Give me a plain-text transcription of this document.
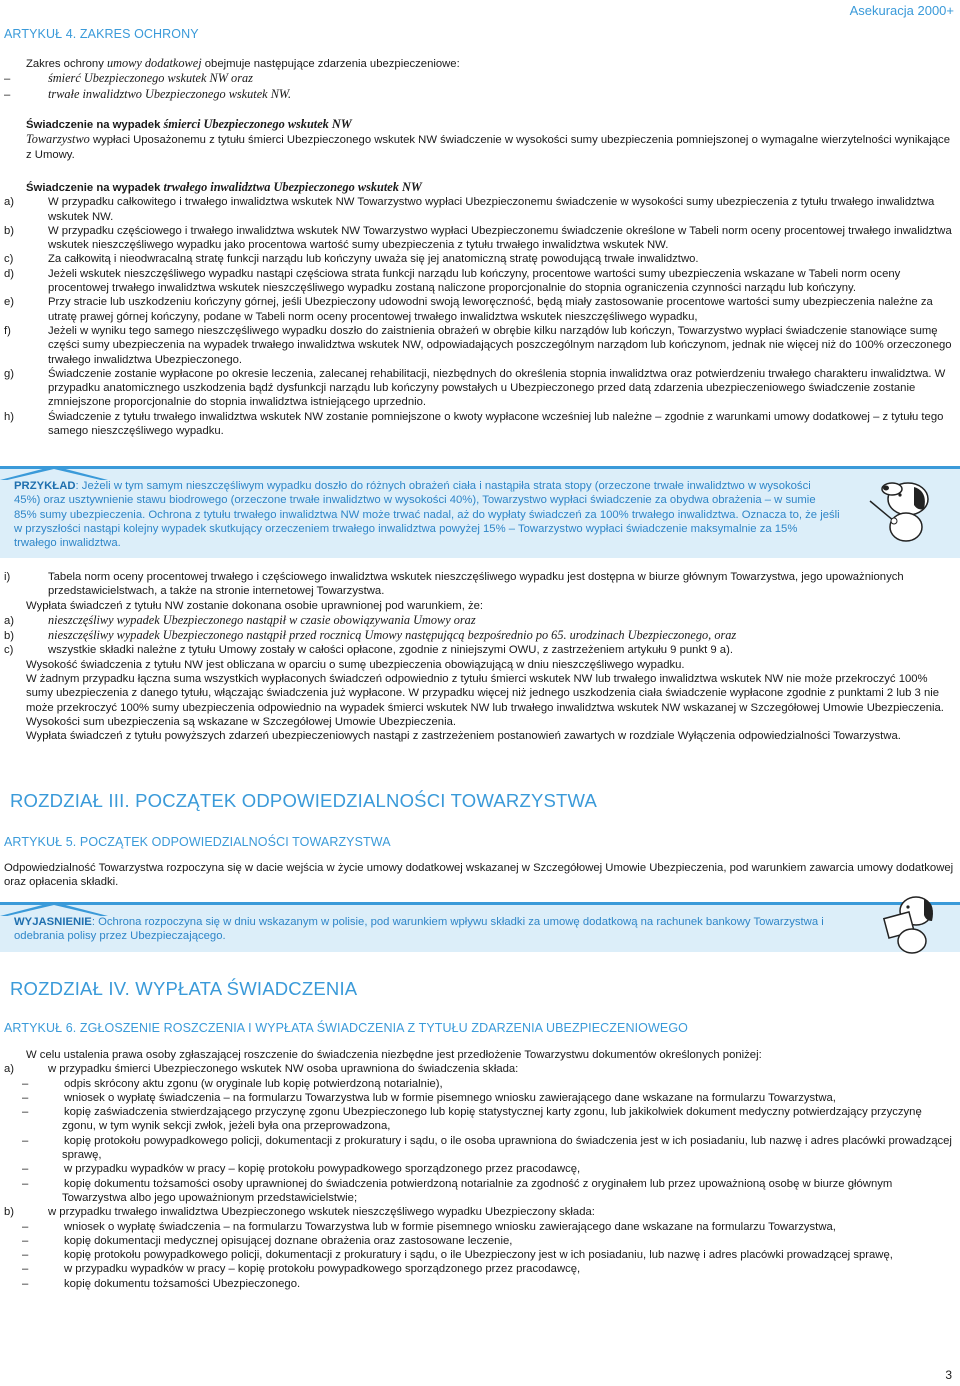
Asekuracja 2000+
ARTYKUŁ 4. ZAKRES OCHRONY
Zakres ochrony umowy dodatkowej obejmuje następujące zdarzenia ubezpieczeniowe:
–	śmierć Ubezpieczonego wskutek NW oraz
–	trwałe inwalidztwo Ubezpieczonego wskutek NW.
Świadczenie na wypadek śmierci Ubezpieczonego wskutek NW
Towarzystwo wypłaci Uposażonemu z tytułu śmierci Ubezpieczonego wskutek NW świadczenie w wysokości sumy ubezpieczenia pomniejszonej o wymagalne wierzytelności wynikające z Umowy.
Świadczenie na wypadek trwałego inwalidztwa Ubezpieczonego wskutek NW
a)	W przypadku całkowitego i trwałego inwalidztwa wskutek NW Towarzystwo wypłaci Ubezpieczonemu świadczenie w wysokości sumy ubezpieczenia z tytułu trwałego inwalidztwa wskutek NW.
b)	W przypadku częściowego i trwałego inwalidztwa wskutek NW Towarzystwo wypłaci Ubezpieczonemu świadczenie określone w Tabeli norm oceny procentowej trwałego inwalidztwa wskutek nieszczęśliwego wypadku jako procentowa wartość sumy ubezpieczenia z tytułu trwałego inwalidztwa wskutek NW.
c)	Za całkowitą i nieodwracalną stratę funkcji narządu lub kończyny uważa się jej anatomiczną stratę powodującą trwałe inwalidztwo.
d)	Jeżeli wskutek nieszczęśliwego wypadku nastąpi częściowa strata funkcji narządu lub kończyny, procentowe wartości sumy ubezpieczenia wskazane w Tabeli norm oceny procentowej trwałego inwalidztwa wskutek nieszczęśliwego wypadku zostaną naliczone proporcjonalnie do stopnia ograniczenia czynności narządu lub kończyny.
e)	Przy stracie lub uszkodzeniu kończyny górnej, jeśli Ubezpieczony udowodni swoją leworęczność, będą miały zastosowanie procentowe wartości sumy ubezpieczenia należne za utratę prawej górnej kończyny, podane w Tabeli norm oceny procentowej trwałego inwalidztwa wskutek nieszczęśliwego wypadku,
f)	Jeżeli w wyniku tego samego nieszczęśliwego wypadku doszło do zaistnienia obrażeń w obrębie kilku narządów lub kończyn, Towarzystwo wypłaci świadczenie stanowiące sumę części sumy ubezpieczenia na wypadek trwałego inwalidztwa wskutek NW, odpowiadających poszczególnym narządom lub kończynom, jednak nie więcej niż do 100% orzeczonego trwałego inwalidztwa Ubezpieczonego.
g)	Świadczenie zostanie wypłacone po okresie leczenia, zalecanej rehabilitacji, niezbędnych do określenia stopnia inwalidztwa oraz potwierdzeniu trwałego charakteru inwalidztwa. W przypadku anatomicznego uszkodzenia bądź dysfunkcji narządu lub kończyny powstałych u Ubezpieczonego przed datą zdarzenia ubezpieczeniowego świadczenie zostanie zmniejszone proporcjonalnie do stopnia inwalidztwa istniejącego uprzednio.
h)	Świadczenie z tytułu trwałego inwalidztwa wskutek NW zostanie pomniejszone o kwoty wypłacone wcześniej lub należne – zgodnie z warunkami umowy dodatkowej – z tytułu tego samego nieszczęśliwego wypadku.
PRZYKŁAD: Jeżeli w tym samym nieszczęśliwym wypadku doszło do różnych obrażeń ciała i nastąpiła strata stopy (orzeczone trwałe inwalidztwo w wysokości 45%) oraz usztywnienie stawu biodrowego (orzeczone trwałe inwalidztwo w wysokości 40%), Towarzystwo wypłaci świadczenie za obydwa obrażenia – w sumie 85% sumy ubezpieczenia. Ochrona z tytułu trwałego inwalidztwa NW może trwać nadal, aż do wypłaty świadczeń za 100% trwałego inwalidztwa. Oznacza to, że jeśli w przyszłości nastąpi kolejny wypadek skutkujący orzeczeniem trwałego inwalidztwa powyżej 15% – Towarzystwo wypłaci świadczenie maksymalnie za 15% trwałego inwalidztwa.
i)	Tabela norm oceny procentowej trwałego i częściowego inwalidztwa wskutek nieszczęśliwego wypadku jest dostępna w biurze głównym Towarzystwa, jego upoważnionych przedstawicielstwach, a także na stronie internetowej Towarzystwa.
Wypłata świadczeń z tytułu NW zostanie dokonana osobie uprawnionej pod warunkiem, że:
a)	nieszczęśliwy wypadek Ubezpieczonego nastąpił w czasie obowiązywania Umowy oraz
b)	nieszczęśliwy wypadek Ubezpieczonego nastąpił przed rocznicą Umowy następującą bezpośrednio po 65. urodzinach Ubezpieczonego, oraz
c)	wszystkie składki należne z tytułu Umowy zostały w całości opłacone, zgodnie z niniejszymi OWU, z zastrzeżeniem artykułu 9 punkt 9 a).
Wysokość świadczenia z tytułu NW jest obliczana w oparciu o sumę ubezpieczenia obowiązującą w dniu nieszczęśliwego wypadku.
W żadnym przypadku łączna suma wszystkich wypłaconych świadczeń odpowiednio z tytułu śmierci wskutek NW lub trwałego inwalidztwa wskutek NW nie może przekroczyć 100% sumy ubezpieczenia z danego tytułu, włączając świadczenia już wypłacone. W przypadku więcej niż jednego uszkodzenia ciała świadczenie wypłacone zgodnie z punktami 2 lub 3 nie może przekroczyć 100% sumy ubezpieczenia odpowiednio na wypadek śmierci wskutek NW lub trwałego inwalidztwa wskutek NW wskazanej w Szczegółowej Umowie Ubezpieczenia.
Wysokości sum ubezpieczenia są wskazane w Szczegółowej Umowie Ubezpieczenia.
Wypłata świadczeń z tytułu powyższych zdarzeń ubezpieczeniowych nastąpi z zastrzeżeniem postanowień zawartych w rozdziale Wyłączenia odpowiedzialności Towarzystwa.
ROZDZIAŁ III. POCZĄTEK ODPOWIEDZIALNOŚCI TOWARZYSTWA
ARTYKUŁ 5. POCZĄTEK ODPOWIEDZIALNOŚCI TOWARZYSTWA
Odpowiedzialność Towarzystwa rozpoczyna się w dacie wejścia w życie umowy dodatkowej wskazanej w Szczegółowej Umowie Ubezpieczenia, pod warunkiem zawarcia umowy dodatkowej oraz opłacenia składki.
WYJAŚNIENIE: Ochrona rozpoczyna się w dniu wskazanym w polisie, pod warunkiem wpływu składki za umowę dodatkową na rachunek bankowy Towarzystwa i odebrania polisy przez Ubezpieczającego.
ROZDZIAŁ IV. WYPŁATA ŚWIADCZENIA
ARTYKUŁ 6. ZGŁOSZENIE ROSZCZENIA I WYPŁATA ŚWIADCZENIA Z TYTUŁU ZDARZENIA UBEZPIECZENIOWEGO
W celu ustalenia prawa osoby zgłaszającej roszczenie do świadczenia niezbędne jest przedłożenie Towarzystwu dokumentów określonych poniżej:
a)	w przypadku śmierci Ubezpieczonego wskutek NW osoba uprawniona do świadczenia składa:
–	odpis skrócony aktu zgonu (w oryginale lub kopię potwierdzoną notarialnie),
–	wniosek o wypłatę świadczenia – na formularzu Towarzystwa lub w formie pisemnego wniosku zawierającego dane wskazane na formularzu Towarzystwa,
–	kopię zaświadczenia stwierdzającego przyczynę zgonu Ubezpieczonego lub kopię statystycznej karty zgonu, lub jakikolwiek dokument medyczny potwierdzający przyczynę zgonu, w tym wynik sekcji zwłok, jeżeli była ona przeprowadzona,
–	kopię protokołu powypadkowego policji, dokumentacji z prokuratury i sądu, o ile osoba uprawniona do świadczenia jest w ich posiadaniu, lub nazwę i adres placówki prowadzącej sprawę,
–	w przypadku wypadków w pracy – kopię protokołu powypadkowego sporządzonego przez pracodawcę,
–	kopię dokumentu tożsamości osoby uprawnionej do świadczenia potwierdzoną notarialnie za zgodność z oryginałem lub przez upoważnioną osobę w biurze głównym Towarzystwa albo jego upoważnionym przedstawicielstwie;
b)	w przypadku trwałego inwalidztwa Ubezpieczonego wskutek nieszczęśliwego wypadku Ubezpieczony składa:
–	wniosek o wypłatę świadczenia – na formularzu Towarzystwa lub w formie pisemnego wniosku zawierającego dane wskazane na formularzu Towarzystwa,
–	kopię dokumentacji medycznej opisującej doznane obrażenia oraz zastosowane leczenie,
–	kopię protokołu powypadkowego policji, dokumentacji z prokuratury i sądu, o ile Ubezpieczony jest w ich posiadaniu, lub nazwę i adres placówki prowadzącej sprawę,
–	w przypadku wypadków w pracy – kopię protokołu powypadkowego sporządzonego przez pracodawcę,
–	kopię dokumentu tożsamości Ubezpieczonego.
3
